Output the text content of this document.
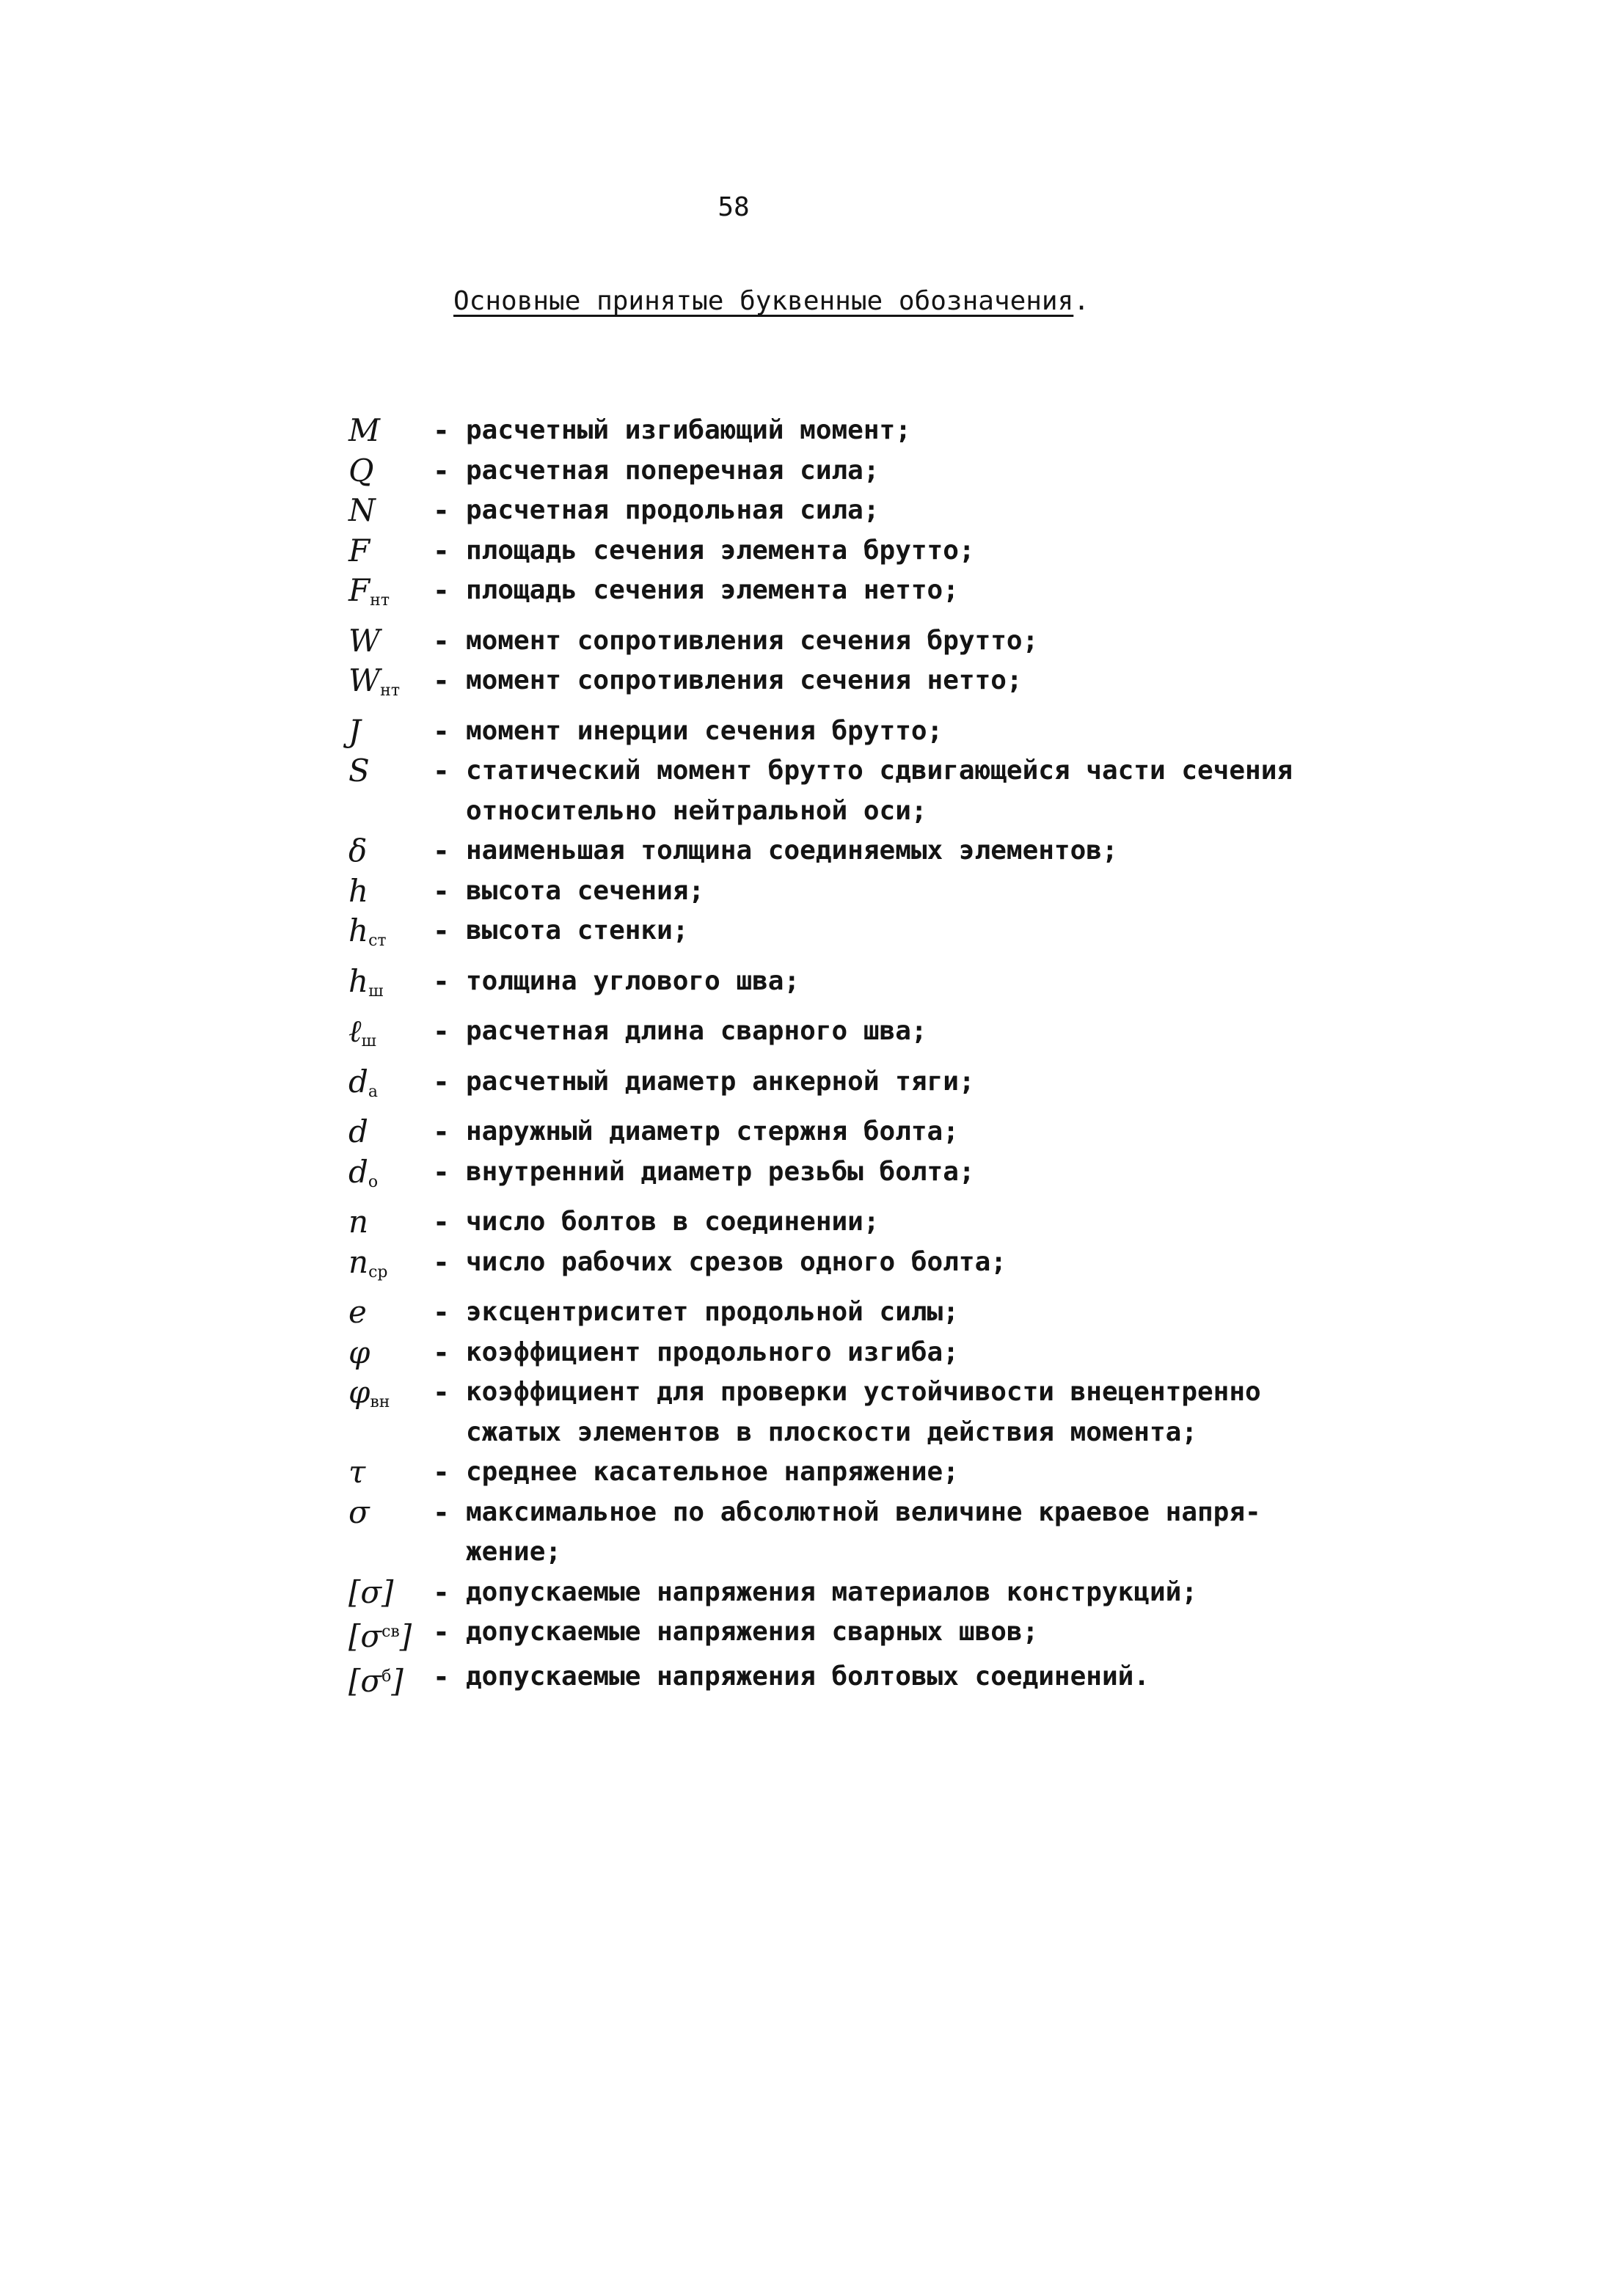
58
Основные принятые буквенные обозначения.
M	- расчетный изгибающий момент;
Q	- расчетная поперечная сила;
N	- расчетная продольная сила;
F	- площадь сечения элемента брутто;
$F_{нт}$	- площадь сечения элемента нетто;
W	- момент сопротивления сечения брутто;
$W_{нт}$	- момент сопротивления сечения нетто;
J	- момент инерции сечения брутто;
S	- статический момент брутто сдвигающейся части сечения
относительно нейтральной оси;
δ	- наименьшая толщина соединяемых элементов;
h	- высота сечения;
$h_{ст}$	- высота стенки;
$h_ш$	- толщина углового шва;
ℓ$_ш$	- расчетная длина сварного шва;
$d_a$	- расчетный диаметр анкерной тяги;
d	- наружный диаметр стержня болта;
$d_o$	- внутренний диаметр резьбы болта;
n	- число болтов в соединении;
$n_{ср}$	- число рабочих срезов одного болта;
e	- эксцентриситет продольной силы;
φ	- коэффициент продольного изгиба;
$\varphi_{вн}$	- коэффициент для проверки устойчивости внецентренно
сжатых элементов в плоскости действия момента;
τ	- среднее касательное напряжение;
σ	- максимальное по абсолютной величине краевое напря-
жение;
[σ]	- допускаемые напряжения материалов конструкций;
$[\sigma^{св}]$ - допускаемые напряжения сварных швов;
$[\sigma^б]$	- допускаемые напряжения болтовых соединений.
